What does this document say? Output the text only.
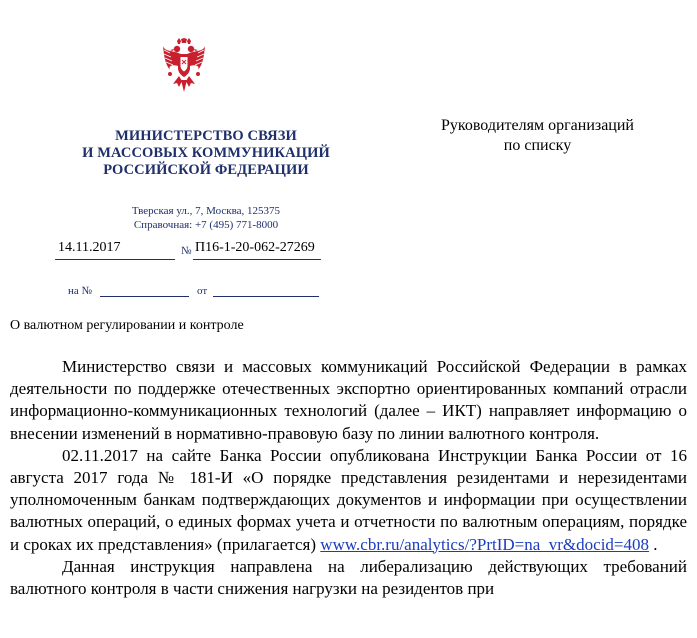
МИНИСТЕРСТВО СВЯЗИ
И МАССОВЫХ КОММУНИКАЦИЙ
РОССИЙСКОЙ ФЕДЕРАЦИИ
Тверская ул., 7, Москва, 125375
Справочная: +7 (495) 771-8000
14.11.2017	№ П16-1-20-062-27269
на №	от
Руководителям организаций
по списку
О валютном регулировании и контроле

Министерство связи и массовых коммуникаций Российской Федерации в рамках деятельности по поддержке отечественных экспортно ориентированных компаний отрасли информационно-коммуникационных технологий (далее – ИКТ) направляет информацию о внесении изменений в нормативно-правовую базу по линии валютного контроля.

02.11.2017 на сайте Банка России опубликована Инструкции Банка России от 16 августа 2017 года № 181-И «О порядке представления резидентами и нерезидентами уполномоченным банкам подтверждающих документов и информации при осуществлении валютных операций, о единых формах учета и отчетности по валютным операциям, порядке и сроках их представления» (прилагается) www.cbr.ru/analytics/?PrtID=na_vr&docid=408 .

Данная инструкция направлена на либерализацию действующих требований валютного контроля в части снижения нагрузки на резидентов при
